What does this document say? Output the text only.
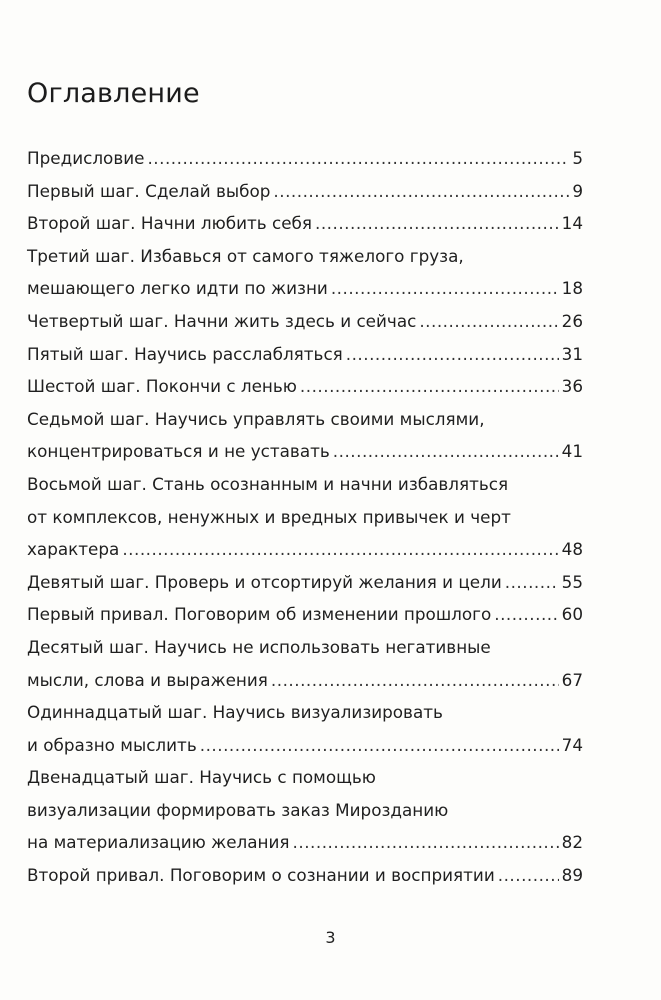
Оглавление
Предисловие .....	5
Первый шаг. Сделай выбор .....	9
Второй шаг. Начни любить себя .....	14
Третий шаг. Избавься от самого тяжелого груза,
мешающего легко идти по жизни .....	18
Четвертый шаг. Начни жить здесь и сейчас .....	26
Пятый шаг. Научись расслабляться .....	31
Шестой шаг. Покончи с ленью .....	36
Седьмой шаг. Научись управлять своими мыслями,
концентрироваться и не уставать .....	41
Восьмой шаг. Стань осознанным и начни избавляться
от комплексов, ненужных и вредных привычек и черт
характера .....	48
Девятый шаг. Проверь и отсортируй желания и цели .....	55
Первый привал. Поговорим об изменении прошлого .....	60
Десятый шаг. Научись не использовать негативные
мысли, слова и выражения .....	67
Одиннадцатый шаг. Научись визуализировать
и образно мыслить .....	74
Двенадцатый шаг. Научись с помощью
визуализации формировать заказ Мирозданию
на материализацию желания .....	82
Второй привал. Поговорим о сознании и восприятии .....	89
3
